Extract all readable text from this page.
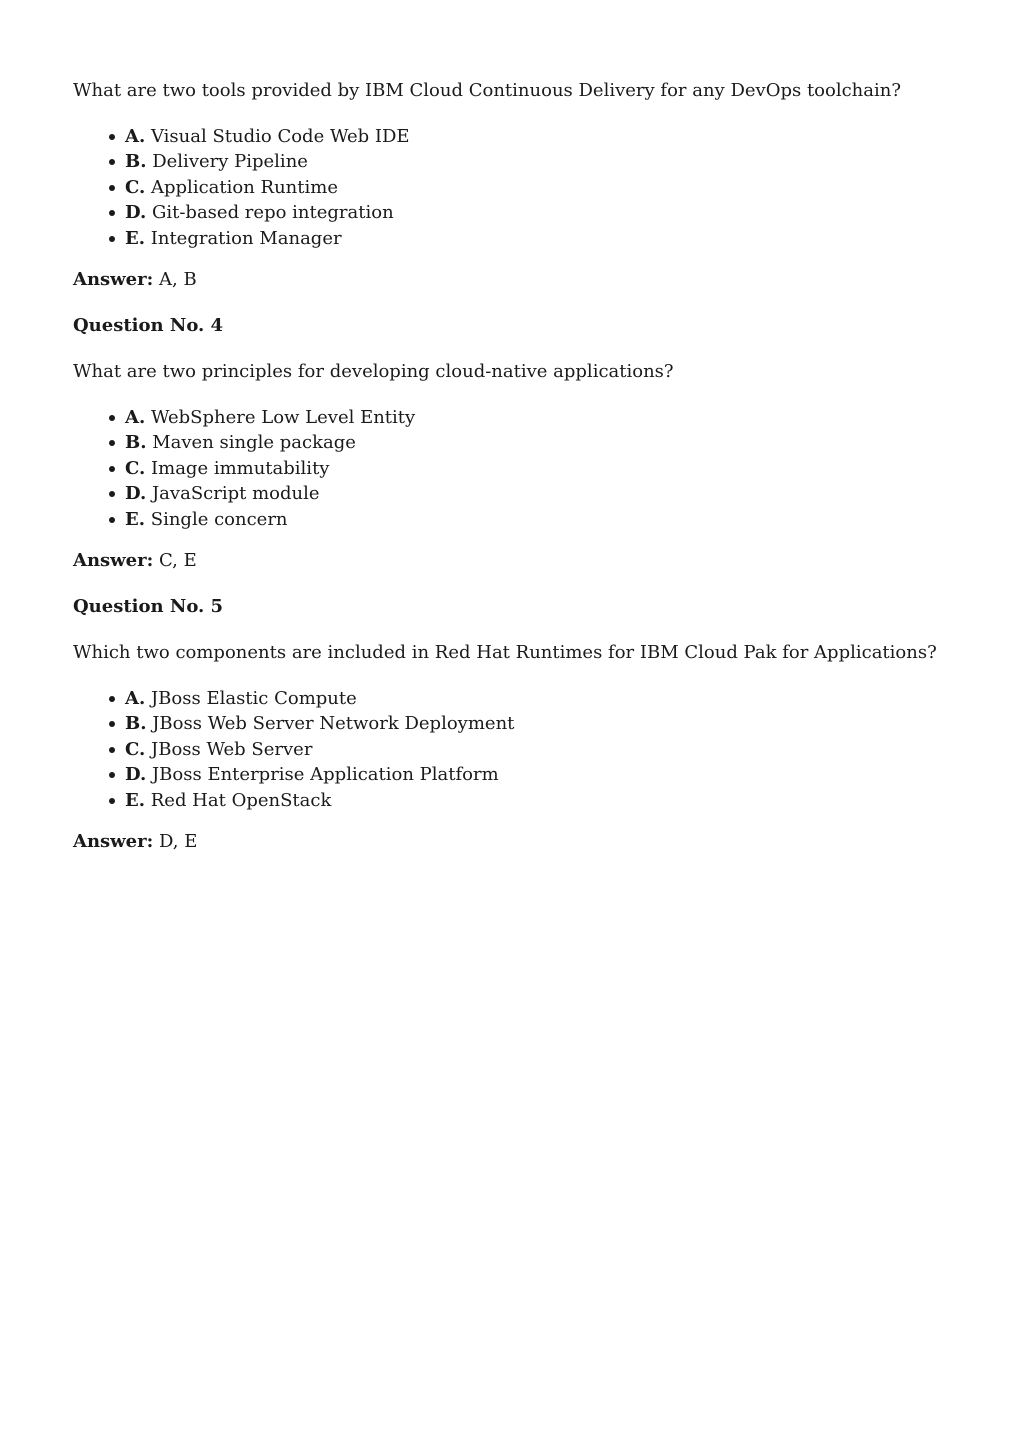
What are two tools provided by IBM Cloud Continuous Delivery for any DevOps toolchain?

A. Visual Studio Code Web IDE
B. Delivery Pipeline
C. Application Runtime
D. Git-based repo integration
E. Integration Manager

Answer: A, B

Question No. 4

What are two principles for developing cloud-native applications?

A. WebSphere Low Level Entity
B. Maven single package
C. Image immutability
D. JavaScript module
E. Single concern

Answer: C, E

Question No. 5

Which two components are included in Red Hat Runtimes for IBM Cloud Pak for Applications?

A. JBoss Elastic Compute
B. JBoss Web Server Network Deployment
C. JBoss Web Server
D. JBoss Enterprise Application Platform
E. Red Hat OpenStack

Answer: D, E
